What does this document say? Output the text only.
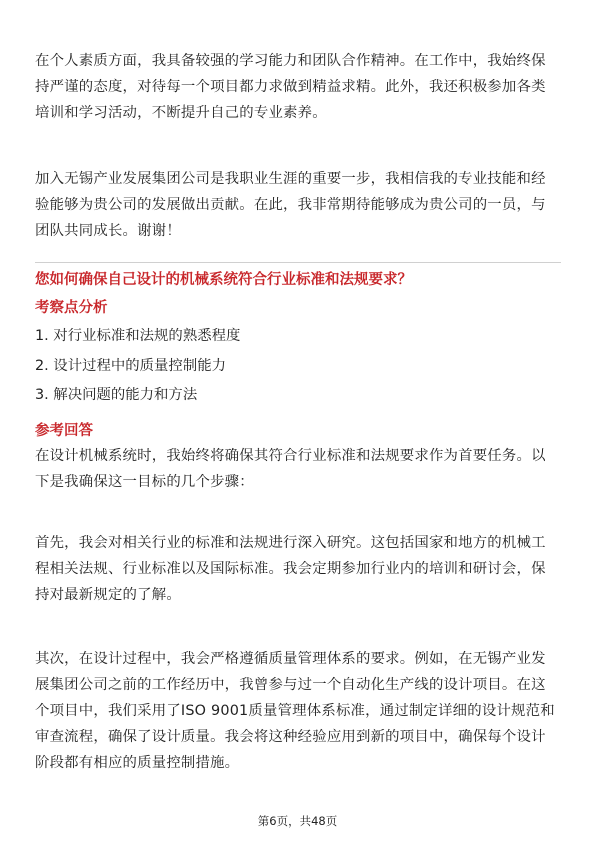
在个人素质方面，我具备较强的学习能力和团队合作精神。在工作中，我始终保持严谨的态度，对待每一个项目都力求做到精益求精。此外，我还积极参加各类培训和学习活动，不断提升自己的专业素养。

加入无锡产业发展集团公司是我职业生涯的重要一步，我相信我的专业技能和经验能够为贵公司的发展做出贡献。在此，我非常期待能够成为贵公司的一员，与团队共同成长。谢谢！

您如何确保自己设计的机械系统符合行业标准和法规要求？

考察点分析

1. 对行业标准和法规的熟悉程度

2. 设计过程中的质量控制能力

3. 解决问题的能力和方法

参考回答

在设计机械系统时，我始终将确保其符合行业标准和法规要求作为首要任务。以下是我确保这一目标的几个步骤：

首先，我会对相关行业的标准和法规进行深入研究。这包括国家和地方的机械工程相关法规、行业标准以及国际标准。我会定期参加行业内的培训和研讨会，保持对最新规定的了解。

其次，在设计过程中，我会严格遵循质量管理体系的要求。例如，在无锡产业发展集团公司之前的工作经历中，我曾参与过一个自动化生产线的设计项目。在这个项目中，我们采用了ISO 9001质量管理体系标准，通过制定详细的设计规范和审查流程，确保了设计质量。我会将这种经验应用到新的项目中，确保每个设计阶段都有相应的质量控制措施。

第6页，共48页
